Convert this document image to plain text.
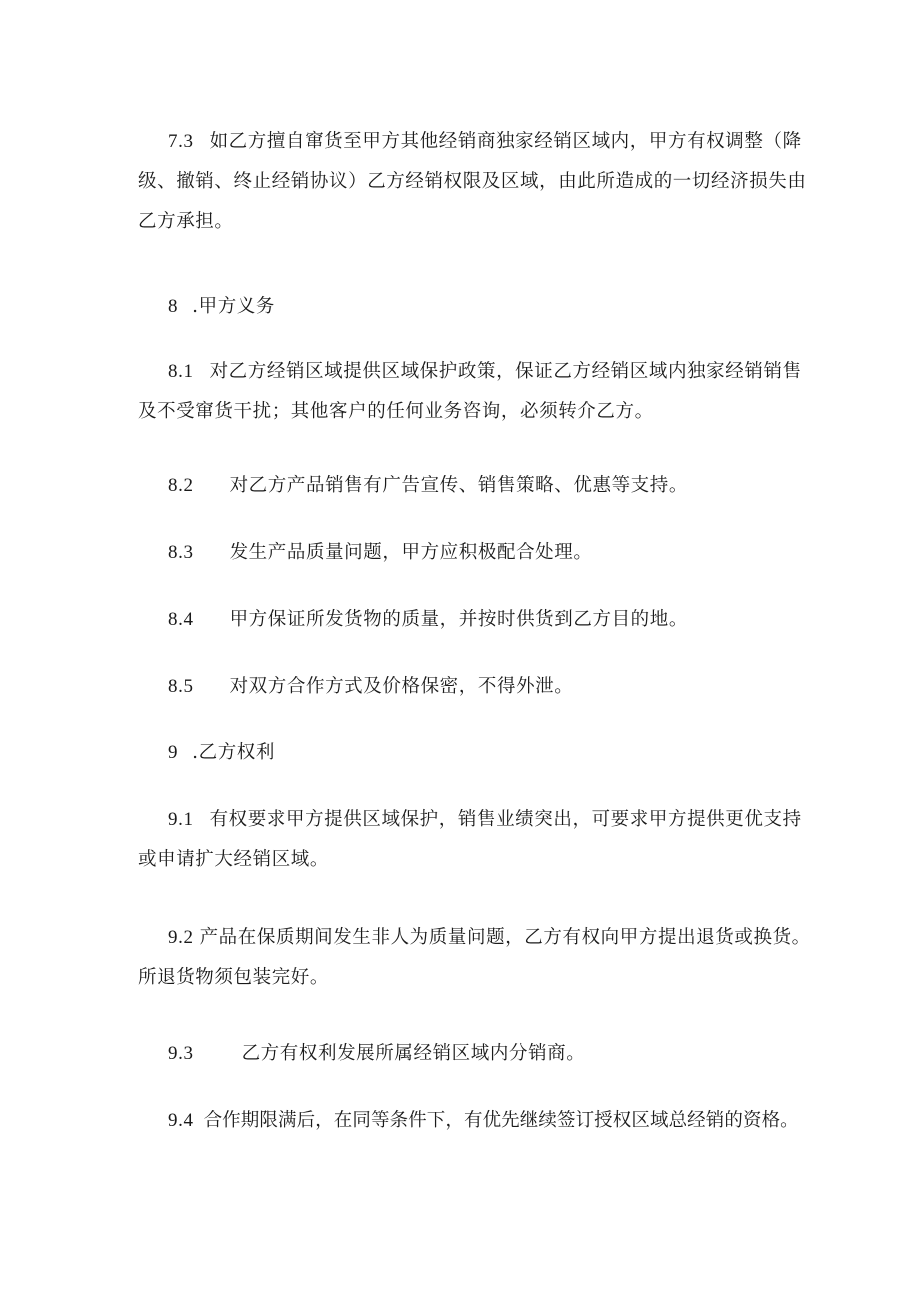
7.3 如乙方擅自窜货至甲方其他经销商独家经销区域内，甲方有权调整（降
级、撤销、终止经销协议）乙方经销权限及区域，由此所造成的一切经济损失由
乙方承担。
8 .甲方义务
8.1 对乙方经销区域提供区域保护政策，保证乙方经销区域内独家经销销售
及不受窜货干扰；其他客户的任何业务咨询，必须转介乙方。
8.2 对乙方产品销售有广告宣传、销售策略、优惠等支持。
8.3 发生产品质量问题，甲方应积极配合处理。
8.4 甲方保证所发货物的质量，并按时供货到乙方目的地。
8.5 对双方合作方式及价格保密，不得外泄。
9 .乙方权利
9.1 有权要求甲方提供区域保护，销售业绩突出，可要求甲方提供更优支持
或申请扩大经销区域。
9.2 产品在保质期间发生非人为质量问题，乙方有权向甲方提出退货或换货。
所退货物须包装完好。
9.3	乙方有权利发展所属经销区域内分销商。
9.4 合作期限满后，在同等条件下，有优先继续签订授权区域总经销的资格。
